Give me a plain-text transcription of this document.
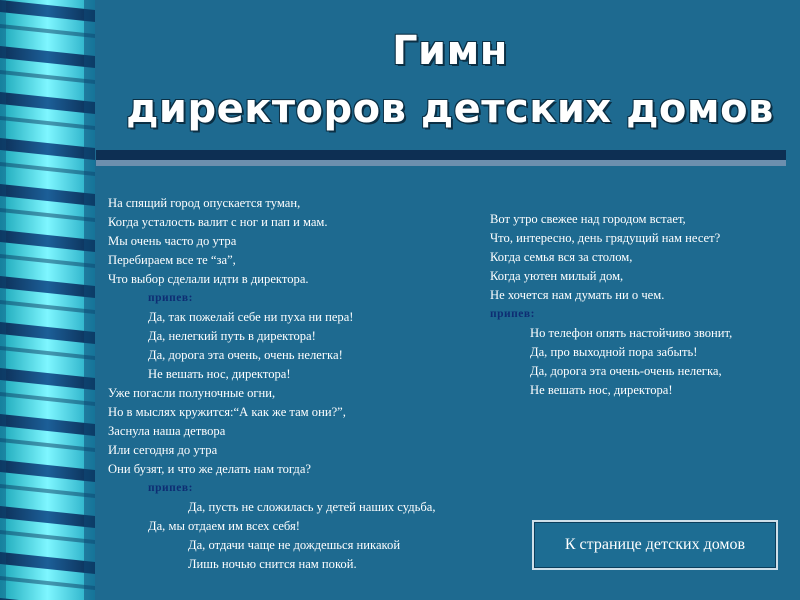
Гимн
директоров детских домов
На спящий город опускается туман,
Когда усталость валит с ног и пап и мам.
Мы очень часто до утра
Перебираем все те “за”,
Что выбор сделали идти в директора.
припев:
Да, так пожелай себе ни пуха ни пера!
Да, нелегкий путь в директора!
Да, дорога эта очень, очень нелегка!
Не вешать нос, директора!
Уже погасли полуночные огни,
Но в мыслях кружится:“А как же там они?”,
Заснула наша детвора
Или сегодня до утра
Они бузят, и что же делать нам тогда?
припев:
Да, пусть не сложилась у детей наших судьба,
Да, мы отдаем им всех себя!
Да, отдачи чаще не дождешься никакой
Лишь ночью снится нам покой.
Вот утро свежее над городом встает,
Что, интересно, день грядущий нам несет?
Когда семья вся за столом,
Когда уютен милый дом,
Не хочется нам думать ни о чем.
припев:
Но телефон опять настойчиво звонит,
Да, про выходной пора забыть!
Да, дорога эта очень-очень нелегка,
Не вешать нос, директора!
К странице детских домов
